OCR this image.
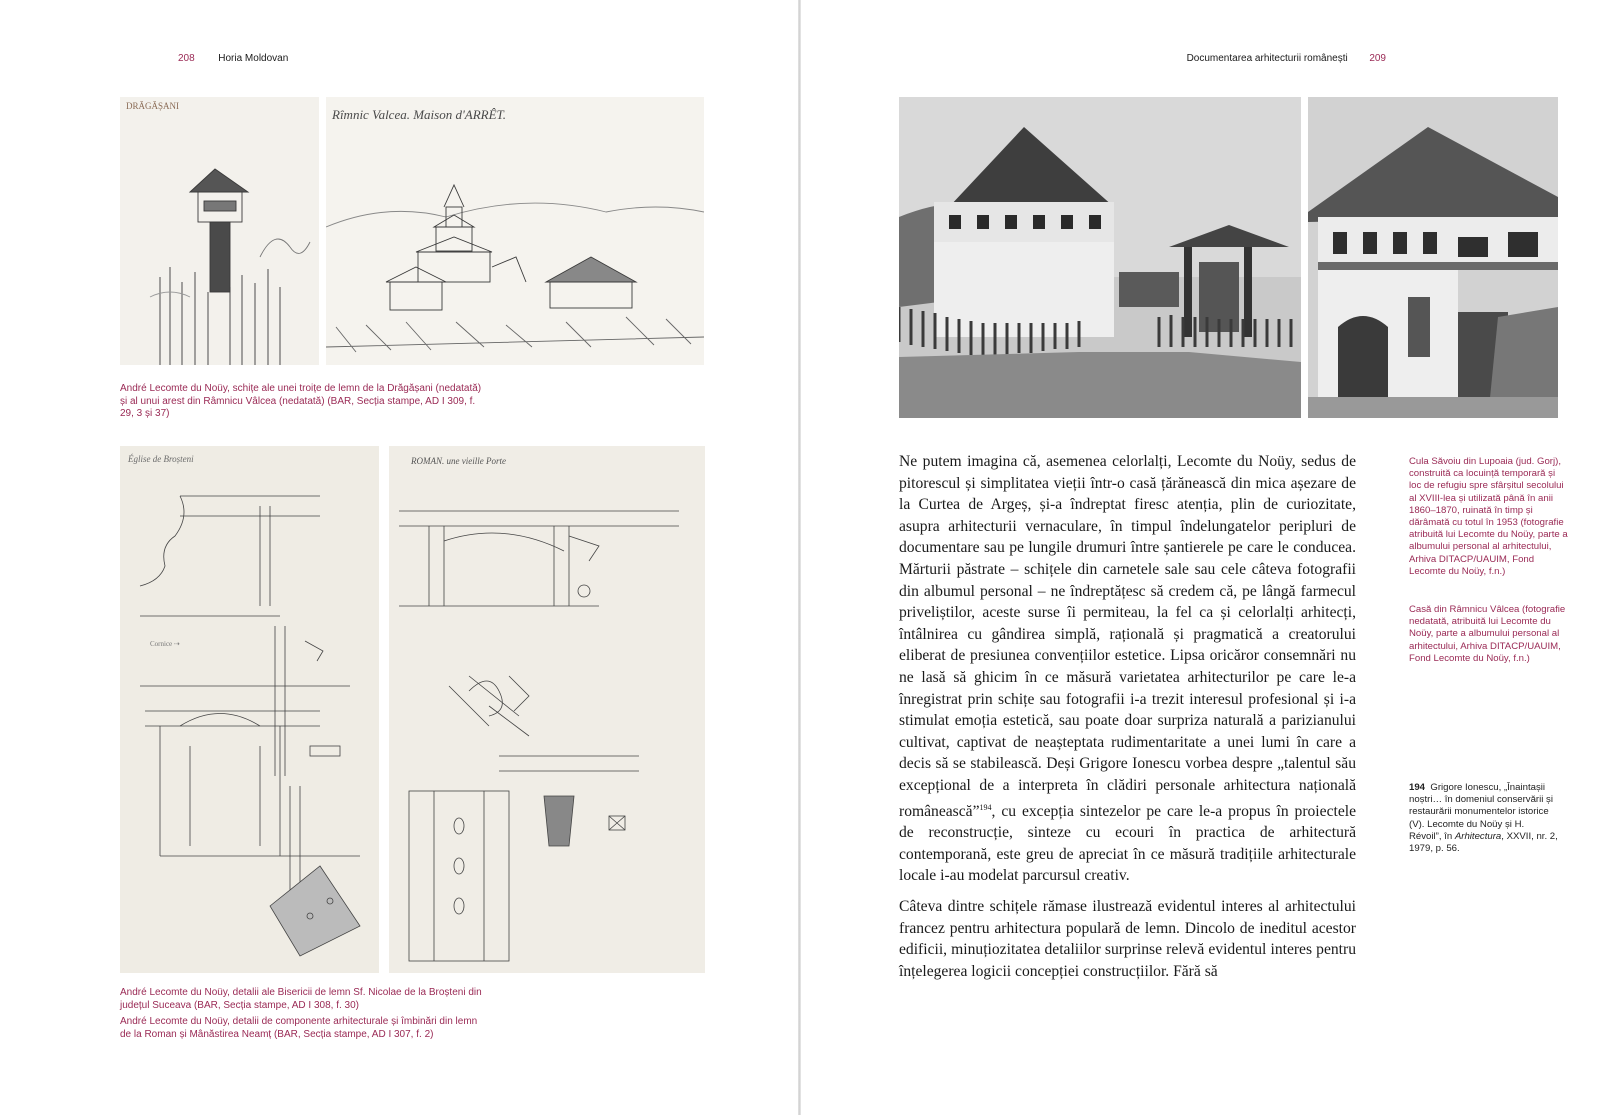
208 Horia Moldovan
DRĂGĂȘANI
Rîmnic Valcea. Maison d'ARRÊT.
André Lecomte du Noüy, schițe ale unei troițe de lemn de la Drăgășani (nedatată) și al unui arest din Râmnicu Vâlcea (nedatată) (BAR, Secția stampe, AD I 309, f. 29, 3 și 37)
Église de Broșteni
Cornice ⇢
ROMAN. une vieille Porte
André Lecomte du Noüy, detalii ale Bisericii de lemn Sf. Nicolae de la Broșteni din județul Suceava (BAR, Secția stampe, AD I 308, f. 30)
André Lecomte du Noüy, detalii de componente arhitecturale și îmbinări din lemn de la Roman și Mânăstirea Neamț (BAR, Secția stampe, AD I 307, f. 2)
Documentarea arhitecturii românești 209

Ne putem imagina că, asemenea celorlalți, Lecomte du Noüy, sedus de pitorescul și simplitatea vieții într-o casă țărănească din mica așezare de la Curtea de Argeș, și-a îndreptat firesc atenția, plin de curiozitate, asupra arhitecturii vernaculare, în timpul îndelungatelor peripluri de documentare sau pe lungile drumuri între șantierele pe care le conducea. Mărturii păstrate – schițele din carnetele sale sau cele câteva fotografii din albumul personal – ne îndreptățesc să credem că, pe lângă farmecul priveliștilor, aceste surse îi permiteau, la fel ca și celorlalți arhitecți, întâlnirea cu gândirea simplă, rațională și pragmatică a creatorului eliberat de presiunea convențiilor estetice. Lipsa oricăror consemnări nu ne lasă să ghicim în ce măsură varietatea arhitecturilor pe care le-a înregistrat prin schițe sau fotografii i-a trezit interesul profesional și i-a stimulat emoția estetică, sau poate doar surpriza naturală a parizianului cultivat, captivat de neașteptata rudimentaritate a unei lumi în care a decis să se stabilească. Deși Grigore Ionescu vorbea despre „talentul său excepțional de a interpreta în clădiri personale arhitectura națională românească”$^{194}$, cu excepția sintezelor pe care le-a propus în proiectele de reconstrucție, sinteze cu ecouri în practica de arhitectură contemporană, este greu de apreciat în ce măsură tradițiile arhitecturale locale i-au modelat parcursul creativ.

Câteva dintre schițele rămase ilustrează evidentul interes al arhitectului francez pentru arhitectura populară de lemn. Dincolo de ineditul acestor edificii, minuțiozitatea detaliilor surprinse relevă evidentul interes pentru înțelegerea logicii concepției construcțiilor. Fără să

Cula Săvoiu din Lupoaia (jud. Gorj), construită ca locuință temporară și loc de refugiu spre sfârșitul secolului al XVIII-lea și utilizată până în anii 1860–1870, ruinată în timp și dărâmată cu totul în 1953 (fotografie atribuită lui Lecomte du Noüy, parte a albumului personal al arhitectului, Arhiva DITACP/UAUIM, Fond Lecomte du Noüy, f.n.)
Casă din Râmnicu Vâlcea (fotografie nedatată, atribuită lui Lecomte du Noüy, parte a albumului personal al arhitectului, Arhiva DITACP/UAUIM, Fond Lecomte du Noüy, f.n.)
194 Grigore Ionescu, „Înaintașii noștri… în domeniul conservării și restaurării monumentelor istorice (V). Lecomte du Noüy și H. Révoil”, în Arhitectura, XXVII, nr. 2, 1979, p. 56.
